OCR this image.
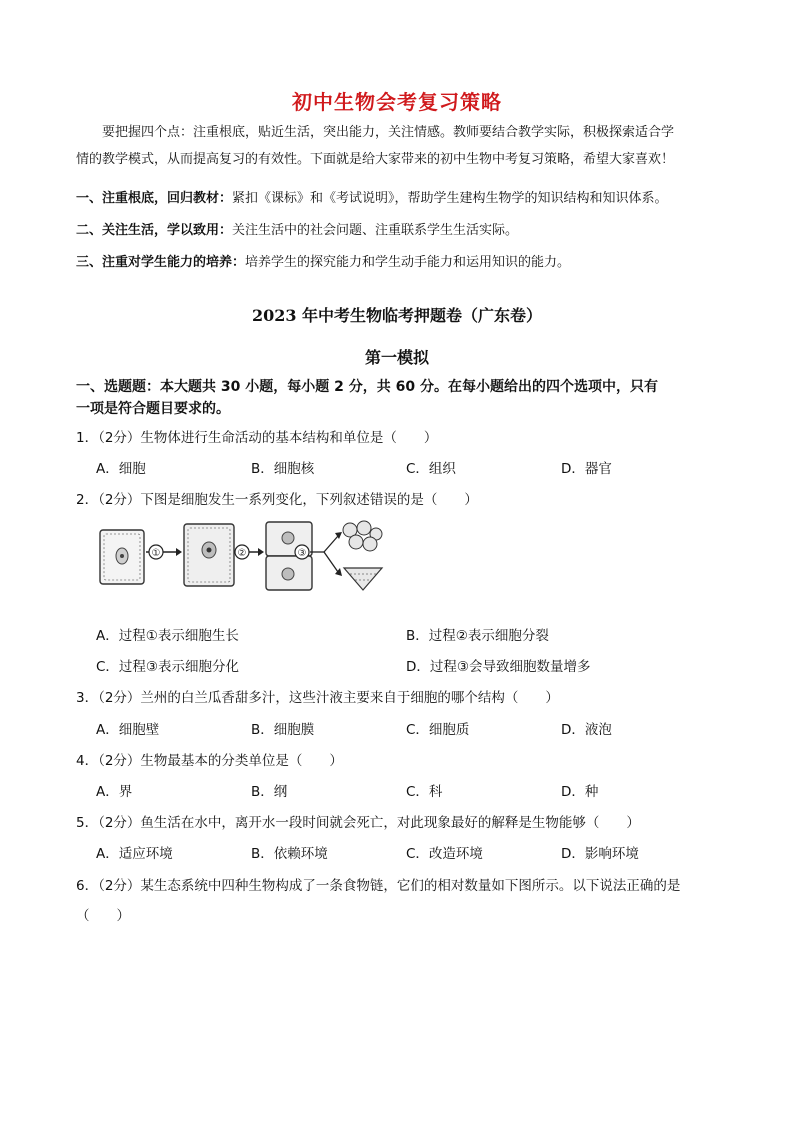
初中生物会考复习策略
要把握四个点：注重根底，贴近生活，突出能力，关注情感。教师要结合教学实际，积极探索适合学
情的教学模式，从而提高复习的有效性。下面就是给大家带来的初中生物中考复习策略，希望大家喜欢！
一、注重根底，回归教材：紧扣《课标》和《考试说明》，帮助学生建构生物学的知识结构和知识体系。
二、关注生活，学以致用：关注生活中的社会问题、注重联系学生生活实际。
三、注重对学生能力的培养：培养学生的探究能力和学生动手能力和运用知识的能力。
2023 年中考生物临考押题卷（广东卷）
第一模拟
一、选题题：本大题共 30 小题，每小题 2 分，共 60 分。在每小题给出的四个选项中，只有
一项是符合题目要求的。
1．（2分）生物体进行生命活动的基本结构和单位是（　　）
A．细胞	B．细胞核	C．组织	D．器官
2．（2分）下图是细胞发生一系列变化，下列叙述错误的是（　　）
①	②	③
A．过程①表示细胞生长	B．过程②表示细胞分裂
C．过程③表示细胞分化	D．过程③会导致细胞数量增多
3．（2分）兰州的白兰瓜香甜多汁，这些汁液主要来自于细胞的哪个结构（　　）
A．细胞壁	B．细胞膜	C．细胞质	D．液泡
4．（2分）生物最基本的分类单位是（　　）
A．界	B．纲	C．科	D．种
5．（2分）鱼生活在水中，离开水一段时间就会死亡，对此现象最好的解释是生物能够（　　）
A．适应环境	B．依赖环境	C．改造环境	D．影响环境
6．（2分）某生态系统中四种生物构成了一条食物链，它们的相对数量如下图所示。以下说法正确的是
（　　）
